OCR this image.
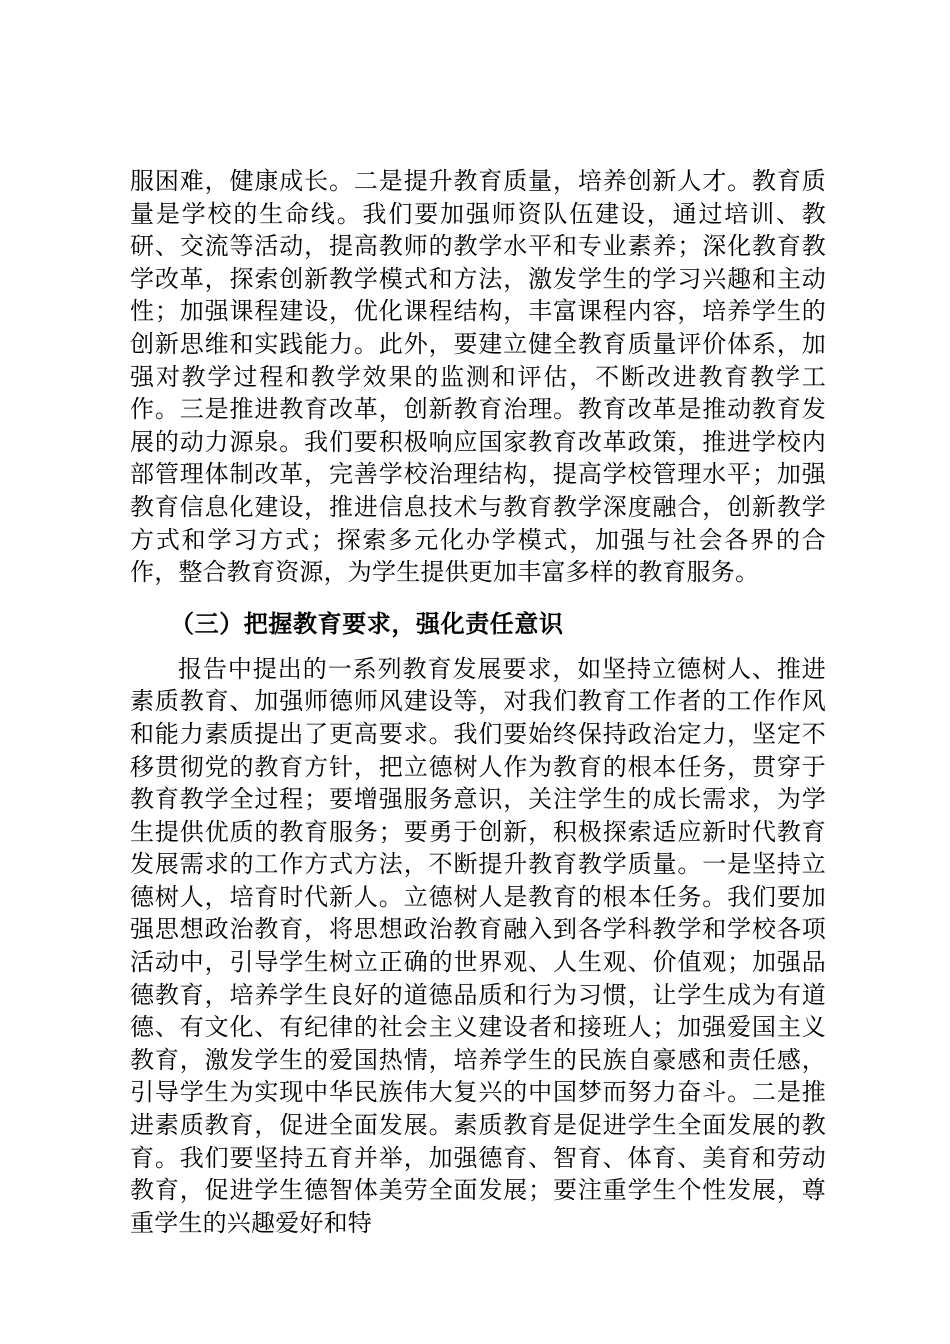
服困难，健康成长。二是提升教育质量，培养创新人才。教育质量是学校的生命线。我们要加强师资队伍建设，通过培训、教研、交流等活动，提高教师的教学水平和专业素养；深化教育教学改革，探索创新教学模式和方法，激发学生的学习兴趣和主动性；加强课程建设，优化课程结构，丰富课程内容，培养学生的创新思维和实践能力。此外，要建立健全教育质量评价体系，加强对教学过程和教学效果的监测和评估，不断改进教育教学工作。三是推进教育改革，创新教育治理。教育改革是推动教育发展的动力源泉。我们要积极响应国家教育改革政策，推进学校内部管理体制改革，完善学校治理结构，提高学校管理水平；加强教育信息化建设，推进信息技术与教育教学深度融合，创新教学方式和学习方式；探索多元化办学模式，加强与社会各界的合作，整合教育资源，为学生提供更加丰富多样的教育服务。

（三）把握教育要求，强化责任意识

报告中提出的一系列教育发展要求，如坚持立德树人、推进素质教育、加强师德师风建设等，对我们教育工作者的工作作风和能力素质提出了更高要求。我们要始终保持政治定力，坚定不移贯彻党的教育方针，把立德树人作为教育的根本任务，贯穿于教育教学全过程；要增强服务意识，关注学生的成长需求，为学生提供优质的教育服务；要勇于创新，积极探索适应新时代教育发展需求的工作方式方法，不断提升教育教学质量。一是坚持立德树人，培育时代新人。立德树人是教育的根本任务。我们要加强思想政治教育，将思想政治教育融入到各学科教学和学校各项活动中，引导学生树立正确的世界观、人生观、价值观；加强品德教育，培养学生良好的道德品质和行为习惯，让学生成为有道德、有文化、有纪律的社会主义建设者和接班人；加强爱国主义教育，激发学生的爱国热情，培养学生的民族自豪感和责任感，引导学生为实现中华民族伟大复兴的中国梦而努力奋斗。二是推进素质教育，促进全面发展。素质教育是促进学生全面发展的教育。我们要坚持五育并举，加强德育、智育、体育、美育和劳动教育，促进学生德智体美劳全面发展；要注重学生个性发展，尊重学生的兴趣爱好和特
